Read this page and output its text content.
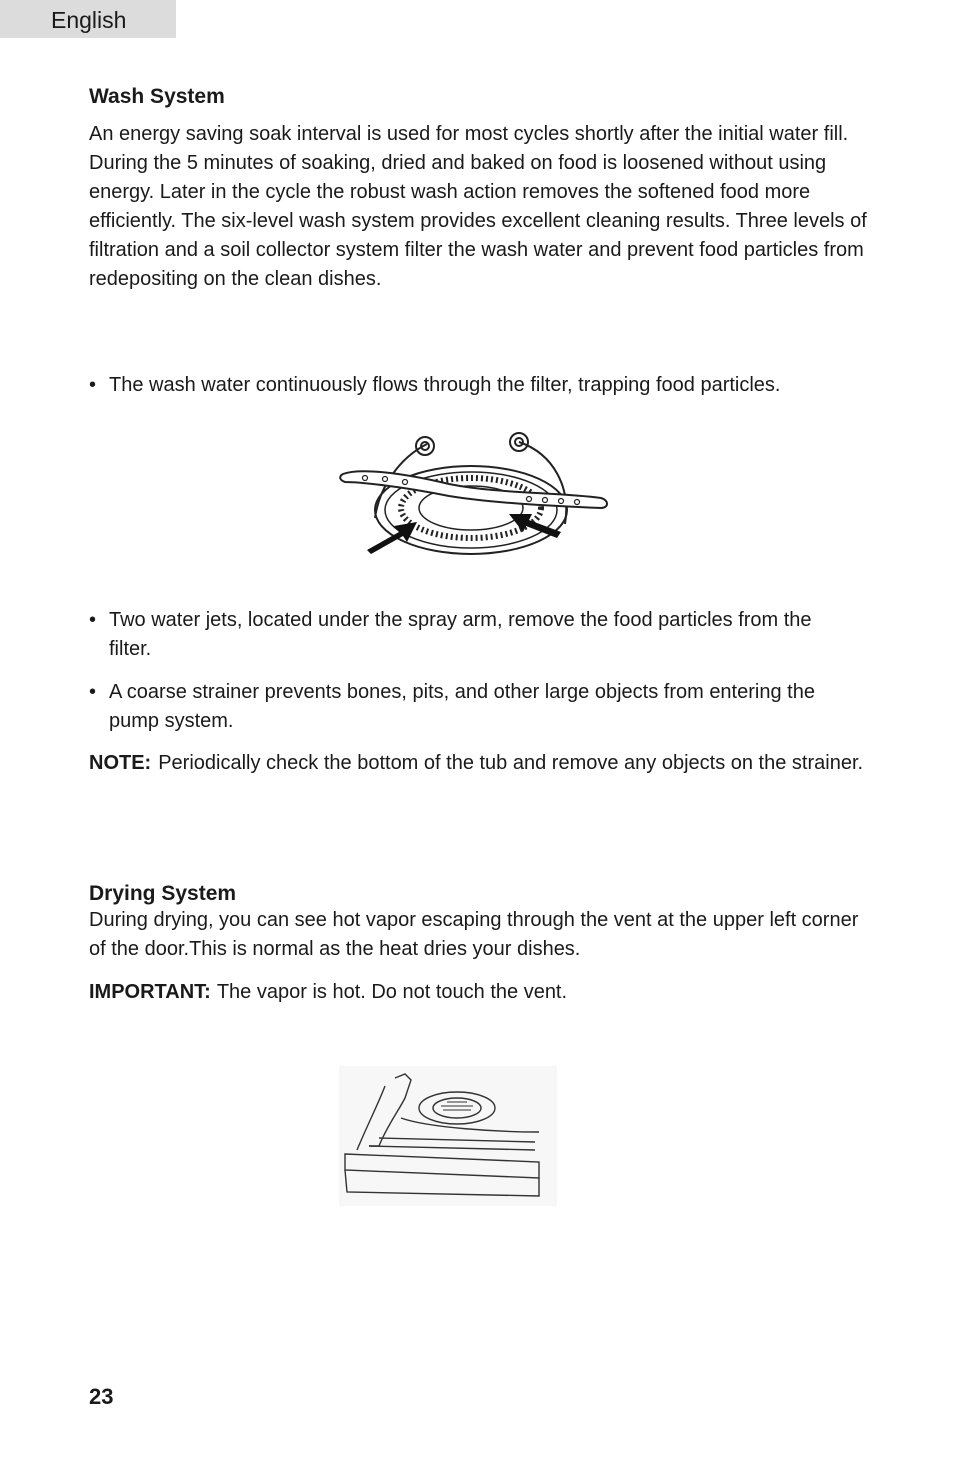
English
Wash System

An energy saving soak interval is used for most cycles shortly after the initial water fill. During the 5 minutes of soaking, dried and baked on food is loosened without using energy. Later in the cycle the robust wash action removes the softened food more efficiently. The six-level wash system provides excellent cleaning results. Three levels of filtration and a soil collector system filter the wash water and prevent food particles from redepositing on the clean dishes.

• The wash water continuously flows through the filter, trapping food particles.
• Two water jets, located under the spray arm, remove the food particles from the filter.
• A coarse strainer prevents bones, pits, and other large objects from entering the pump system.
NOTE: Periodically check the bottom of the tub and remove any objects on the strainer.
Drying System

During drying, you can see hot vapor escaping through the vent at the upper left corner of the door.This is normal as the heat dries your dishes.

IMPORTANT: The vapor is hot. Do not touch the vent.
23
